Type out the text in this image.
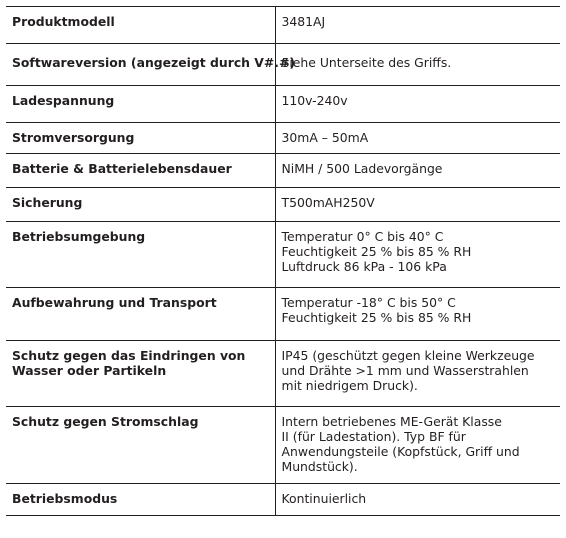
Produktmodell	3481AJ

Softwareversion (angezeigt durch V#.#)	Siehe Unterseite des Griffs.

Ladespannung	110v-240v

Stromversorgung	30mA – 50mA

Batterie & Batterielebensdauer	NiMH / 500 Ladevorgänge

Sicherung	T500mAH250V

Betriebsumgebung	Temperatur 0° C bis 40° C
Feuchtigkeit 25 % bis 85 % RH
Luftdruck 86 kPa - 106 kPa

Aufbewahrung und Transport	Temperatur -18° C bis 50° C
Feuchtigkeit 25 % bis 85 % RH

Schutz gegen das Eindringen von
Wasser oder Partikeln	IP45 (geschützt gegen kleine Werkzeuge
und Drähte >1 mm und Wasserstrahlen
mit niedrigem Druck).

Schutz gegen Stromschlag	Intern betriebenes ME-Gerät Klasse
II (für Ladestation). Typ BF für
Anwendungsteile (Kopfstück, Griff und
Mundstück).

Betriebsmodus	Kontinuierlich
